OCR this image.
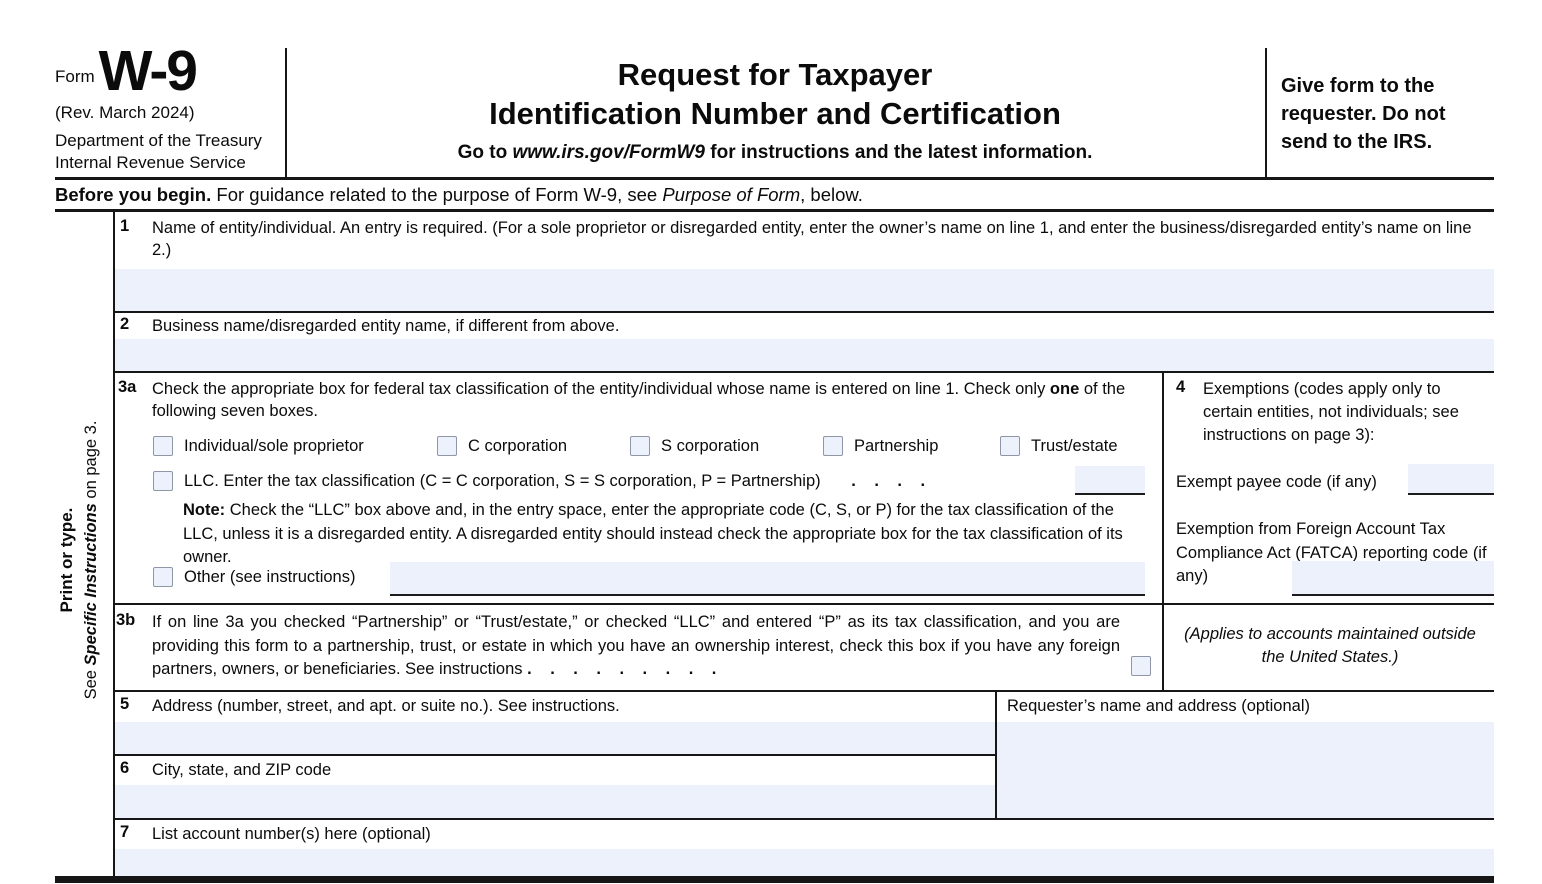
Form W-9
(Rev. March 2024)
Department of the Treasury
Internal Revenue Service
Request for Taxpayer
Identification Number and Certification
Go to www.irs.gov/FormW9 for instructions and the latest information.
Give form to the requester. Do not send to the IRS.
Before you begin. For guidance related to the purpose of Form W-9, see Purpose of Form, below.
Print or type.
See Specific Instructions on page 3.
1 Name of entity/individual. An entry is required. (For a sole proprietor or disregarded entity, enter the owner’s name on line 1, and enter the business/disregarded entity’s name on line 2.)
2 Business name/disregarded entity name, if different from above.
3a Check the appropriate box for federal tax classification of the entity/individual whose name is entered on line 1. Check only one of the following seven boxes.
Individual/sole proprietor	C corporation	S corporation	Partnership	Trust/estate
LLC. Enter the tax classification (C = C corporation, S = S corporation, P = Partnership) . . . .
Note: Check the “LLC” box above and, in the entry space, enter the appropriate code (C, S, or P) for the tax classification of the LLC, unless it is a disregarded entity. A disregarded entity should instead check the appropriate box for the tax classification of its owner.
Other (see instructions)
4 Exemptions (codes apply only to certain entities, not individuals; see instructions on page 3):
Exempt payee code (if any)
Exemption from Foreign Account Tax Compliance Act (FATCA) reporting code (if any)
(Applies to accounts maintained outside the United States.)
3b If on line 3a you checked “Partnership” or “Trust/estate,” or checked “LLC” and entered “P” as its tax classification, and you are providing this form to a partnership, trust, or estate in which you have an ownership interest, check this box if you have any foreign partners, owners, or beneficiaries. See instructions . . . . . . . . .
5 Address (number, street, and apt. or suite no.). See instructions.	Requester’s name and address (optional)
6 City, state, and ZIP code
7 List account number(s) here (optional)
